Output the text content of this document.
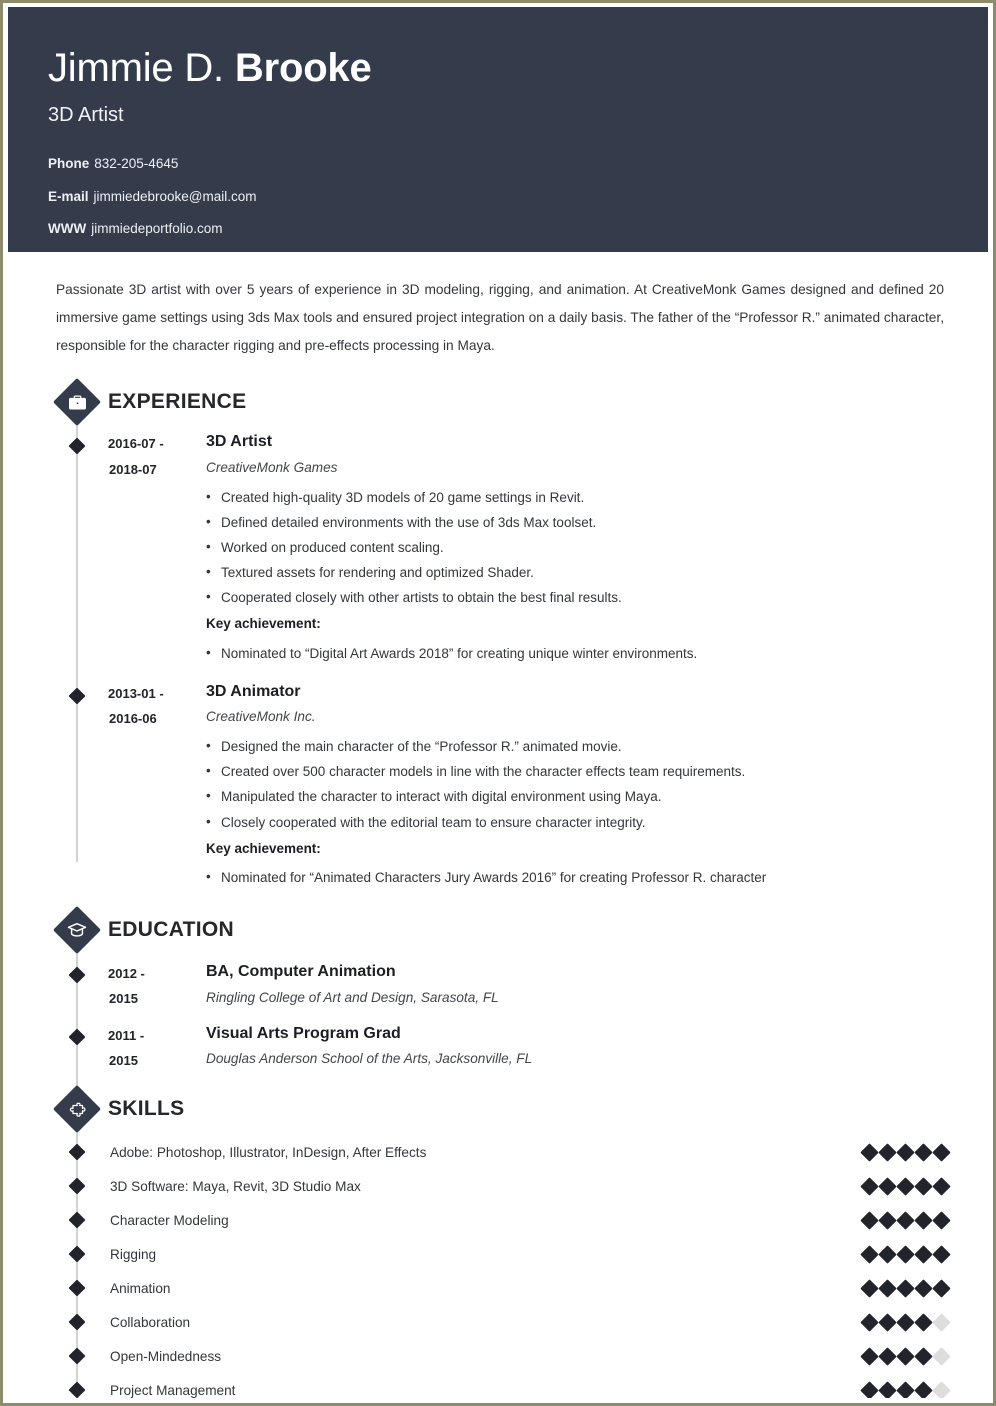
Jimmie D. Brooke
3D Artist
Phone 832-205-4645
E-mail jimmiedebrooke@mail.com
WWW jimmiedeportfolio.com

Passionate 3D artist with over 5 years of experience in 3D modeling, rigging, and animation. At CreativeMonk Games designed and defined 20 immersive game settings using 3ds Max tools and ensured project integration on a daily basis. The father of the “Professor R.” animated character, responsible for the character rigging and pre-effects processing in Maya.

EXPERIENCE
2016-07 -
2018-07
3D Artist
CreativeMonk Games
• Created high-quality 3D models of 20 game settings in Revit.
• Defined detailed environments with the use of 3ds Max toolset.
• Worked on produced content scaling.
• Textured assets for rendering and optimized Shader.
• Cooperated closely with other artists to obtain the best final results.
Key achievement:
• Nominated to “Digital Art Awards 2018” for creating unique winter environments.
2013-01 -
2016-06
3D Animator
CreativeMonk Inc.
• Designed the main character of the “Professor R.” animated movie.
• Created over 500 character models in line with the character effects team requirements.
• Manipulated the character to interact with digital environment using Maya.
• Closely cooperated with the editorial team to ensure character integrity.
Key achievement:
• Nominated for “Animated Characters Jury Awards 2016” for creating Professor R. character
EDUCATION
2012 -
2015
BA, Computer Animation
Ringling College of Art and Design, Sarasota, FL
2011 -
2015
Visual Arts Program Grad
Douglas Anderson School of the Arts, Jacksonville, FL
SKILLS
Adobe: Photoshop, Illustrator, InDesign, After Effects
3D Software: Maya, Revit, 3D Studio Max
Character Modeling
Rigging
Animation
Collaboration
Open-Mindedness
Project Management
